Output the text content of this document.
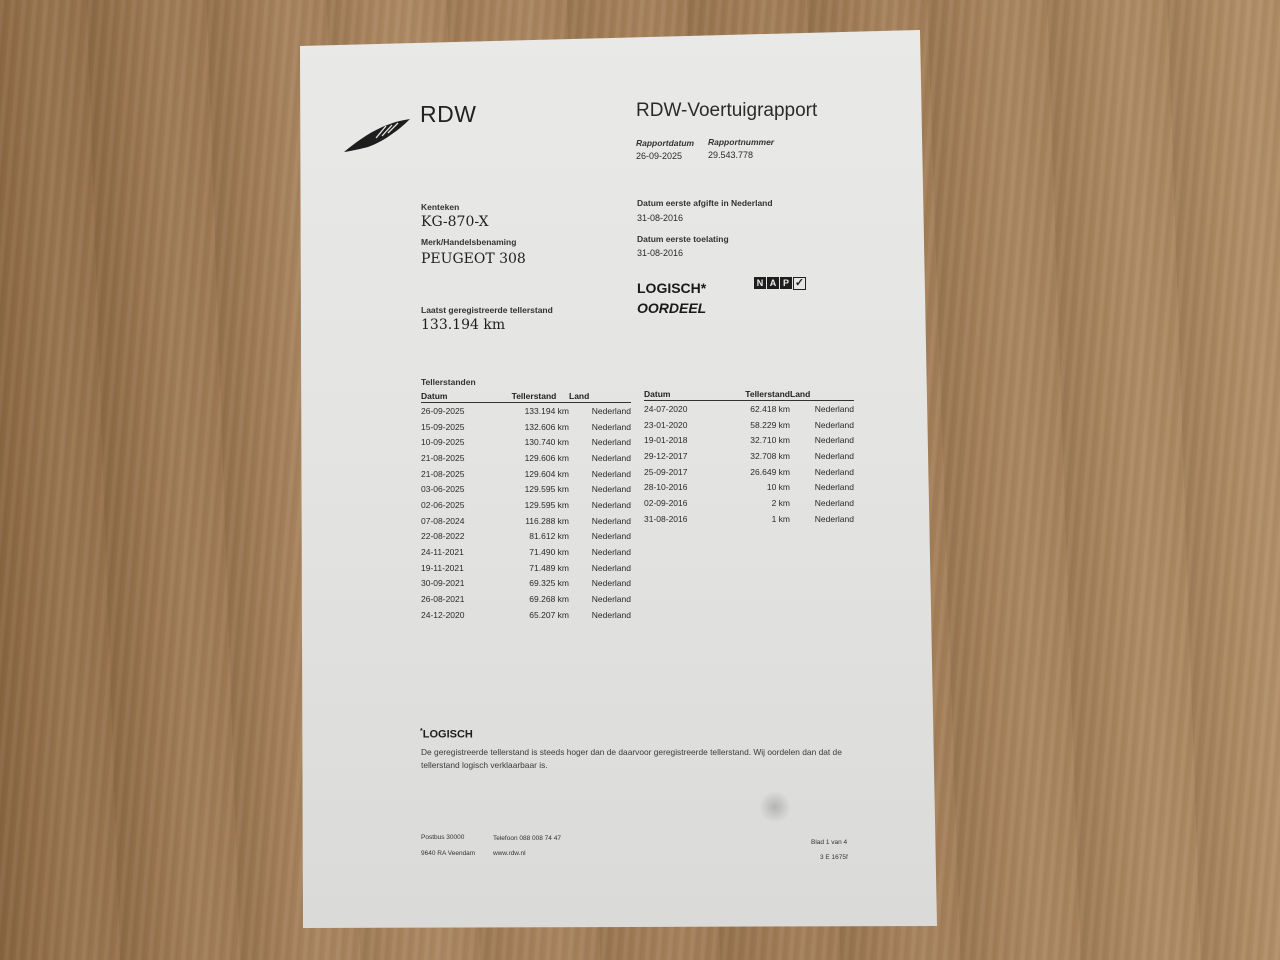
RDW	RDW-Voertuigrapport
Rapportdatum
26-09-2025
Rapportnummer
29.543.778
Kenteken
KG-870-X
Merk/Handelsbenaming
PEUGEOT 308
Laatst geregistreerde tellerstand
133.194 km
Datum eerste afgifte in Nederland
31-08-2016
Datum eerste toelating
31-08-2016
LOGISCH*
OORDEEL
N A P ✓
Tellerstanden
Datum	Tellerstand	Land
26-09-2025	133.194 km	Nederland
15-09-2025	132.606 km	Nederland
10-09-2025	130.740 km	Nederland
21-08-2025	129.606 km	Nederland
21-08-2025	129.604 km	Nederland
03-06-2025	129.595 km	Nederland
02-06-2025	129.595 km	Nederland
07-08-2024	116.288 km	Nederland
22-08-2022	81.612 km	Nederland
24-11-2021	71.490 km	Nederland
19-11-2021	71.489 km	Nederland
30-09-2021	69.325 km	Nederland
26-08-2021	69.268 km	Nederland
24-12-2020	65.207 km	Nederland
Datum	Tellerstand	Land
24-07-2020	62.418 km	Nederland
23-01-2020	58.229 km	Nederland
19-01-2018	32.710 km	Nederland
29-12-2017	32.708 km	Nederland
25-09-2017	26.649 km	Nederland
28-10-2016	10 km	Nederland
02-09-2016	2 km	Nederland
31-08-2016	1 km	Nederland
*LOGISCH
De geregistreerde tellerstand is steeds hoger dan de daarvoor geregistreerde tellerstand. Wij oordelen dan dat de tellerstand logisch verklaarbaar is.
Postbus 30000
9640 RA Veendam
Telefoon 088 008 74 47
www.rdw.nl
Blad 1 van 4
3 E 1675f
